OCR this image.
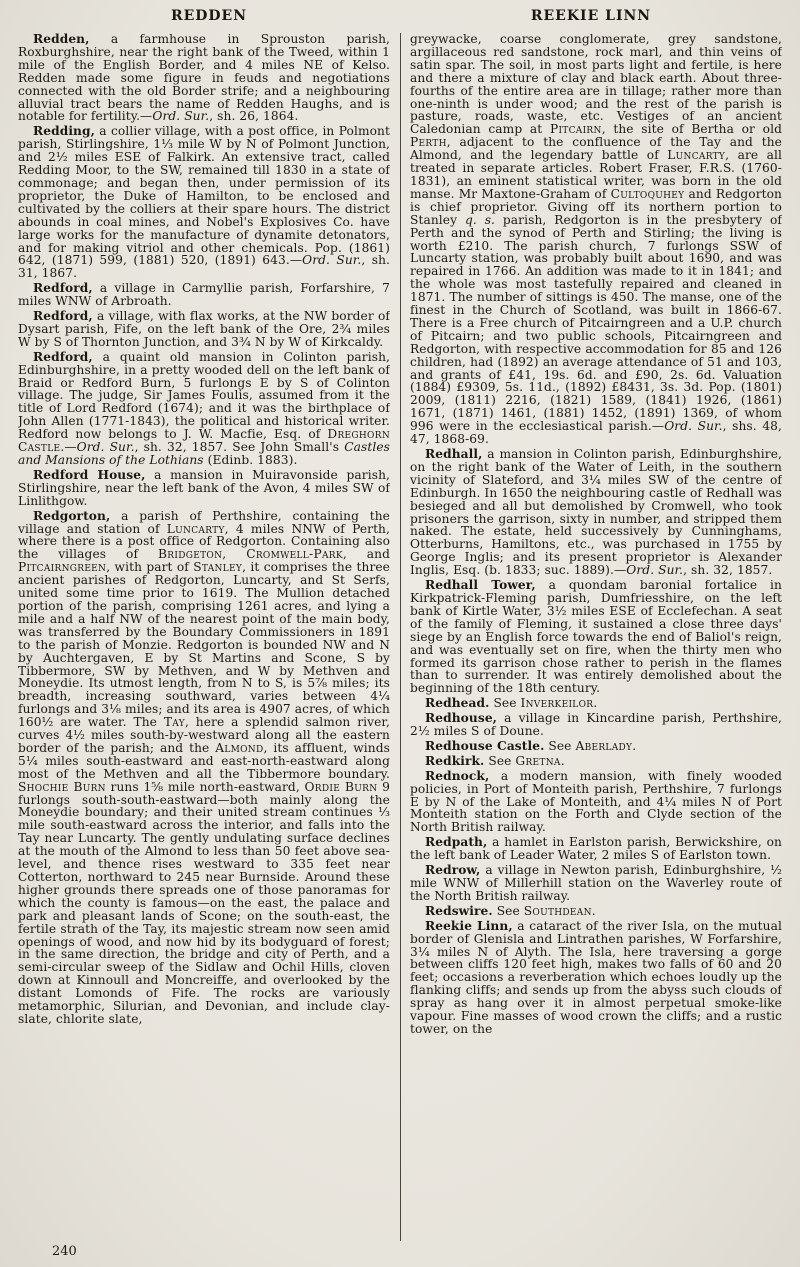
REDDEN	REEKIE LINN

Redden, a farmhouse in Sprouston parish, Roxburghshire, near the right bank of the Tweed, within 1 mile of the English Border, and 4 miles NE of Kelso. Redden made some figure in feuds and negotiations connected with the old Border strife; and a neighbouring alluvial tract bears the name of Redden Haughs, and is notable for fertility.—Ord. Sur., sh. 26, 1864.

Redding, a collier village, with a post office, in Polmont parish, Stirlingshire, 1⅓ mile W by N of Polmont Junction, and 2½ miles ESE of Falkirk. An extensive tract, called Redding Moor, to the SW, remained till 1830 in a state of commonage; and began then, under permission of its proprietor, the Duke of Hamilton, to be enclosed and cultivated by the colliers at their spare hours. The district abounds in coal mines, and Nobel's Explosives Co. have large works for the manufacture of dynamite detonators, and for making vitriol and other chemicals. Pop. (1861) 642, (1871) 599, (1881) 520, (1891) 643.—Ord. Sur., sh. 31, 1867.

Redford, a village in Carmyllie parish, Forfarshire, 7 miles WNW of Arbroath.

Redford, a village, with flax works, at the NW border of Dysart parish, Fife, on the left bank of the Ore, 2¾ miles W by S of Thornton Junction, and 3¾ N by W of Kirkcaldy.

Redford, a quaint old mansion in Colinton parish, Edinburghshire, in a pretty wooded dell on the left bank of Braid or Redford Burn, 5 furlongs E by S of Colinton village. The judge, Sir James Foulis, assumed from it the title of Lord Redford (1674); and it was the birthplace of John Allen (1771-1843), the political and historical writer. Redford now belongs to J. W. Macfie, Esq. of Dreghorn Castle.—Ord. Sur., sh. 32, 1857. See John Small's Castles and Mansions of the Lothians (Edinb. 1883).

Redford House, a mansion in Muiravonside parish, Stirlingshire, near the left bank of the Avon, 4 miles SW of Linlithgow.

Redgorton, a parish of Perthshire, containing the village and station of Luncarty, 4 miles NNW of Perth, where there is a post office of Redgorton. Containing also the villages of Bridgeton, Cromwell-Park, and Pitcairngreen, with part of Stanley, it comprises the three ancient parishes of Redgorton, Luncarty, and St Serfs, united some time prior to 1619. The Mullion detached portion of the parish, comprising 1261 acres, and lying a mile and a half NW of the nearest point of the main body, was transferred by the Boundary Commissioners in 1891 to the parish of Monzie. Redgorton is bounded NW and N by Auchtergaven, E by St Martins and Scone, S by Tibbermore, SW by Methven, and W by Methven and Moneydie. Its utmost length, from N to S, is 5⅞ miles; its breadth, increasing southward, varies between 4¼ furlongs and 3⅛ miles; and its area is 4907 acres, of which 160½ are water. The Tay, here a splendid salmon river, curves 4½ miles south-by-westward along all the eastern border of the parish; and the Almond, its affluent, winds 5¼ miles south-eastward and east-north-eastward along most of the Methven and all the Tibbermore boundary. Shochie Burn runs 1⅝ mile north-eastward, Ordie Burn 9 furlongs south-south-eastward—both mainly along the Moneydie boundary; and their united stream continues ⅓ mile south-eastward across the interior, and falls into the Tay near Luncarty. The gently undulating surface declines at the mouth of the Almond to less than 50 feet above sea-level, and thence rises westward to 335 feet near Cotterton, northward to 245 near Burnside. Around these higher grounds there spreads one of those panoramas for which the county is famous—on the east, the palace and park and pleasant lands of Scone; on the south-east, the fertile strath of the Tay, its majestic stream now seen amid openings of wood, and now hid by its bodyguard of forest; in the same direction, the bridge and city of Perth, and a semi-circular sweep of the Sidlaw and Ochil Hills, cloven down at Kinnoull and Moncreiffe, and overlooked by the distant Lomonds of Fife. The rocks are variously metamorphic, Silurian, and Devonian, and include clay-slate, chlorite slate,

greywacke, coarse conglomerate, grey sandstone, argillaceous red sandstone, rock marl, and thin veins of satin spar. The soil, in most parts light and fertile, is here and there a mixture of clay and black earth. About three-fourths of the entire area are in tillage; rather more than one-ninth is under wood; and the rest of the parish is pasture, roads, waste, etc. Vestiges of an ancient Caledonian camp at Pitcairn, the site of Bertha or old Perth, adjacent to the confluence of the Tay and the Almond, and the legendary battle of Luncarty, are all treated in separate articles. Robert Fraser, F.R.S. (1760-1831), an eminent statistical writer, was born in the old manse. Mr Maxtone-Graham of Cultoquhey and Redgorton is chief proprietor. Giving off its northern portion to Stanley q. s. parish, Redgorton is in the presbytery of Perth and the synod of Perth and Stirling; the living is worth £210. The parish church, 7 furlongs SSW of Luncarty station, was probably built about 1690, and was repaired in 1766. An addition was made to it in 1841; and the whole was most tastefully repaired and cleaned in 1871. The number of sittings is 450. The manse, one of the finest in the Church of Scotland, was built in 1866-67. There is a Free church of Pitcairngreen and a U.P. church of Pitcairn; and two public schools, Pitcairngreen and Redgorton, with respective accommodation for 85 and 126 children, had (1892) an average attendance of 51 and 103, and grants of £41, 19s. 6d. and £90, 2s. 6d. Valuation (1884) £9309, 5s. 11d., (1892) £8431, 3s. 3d. Pop. (1801) 2009, (1811) 2216, (1821) 1589, (1841) 1926, (1861) 1671, (1871) 1461, (1881) 1452, (1891) 1369, of whom 996 were in the ecclesiastical parish.—Ord. Sur., shs. 48, 47, 1868-69.

Redhall, a mansion in Colinton parish, Edinburghshire, on the right bank of the Water of Leith, in the southern vicinity of Slateford, and 3¼ miles SW of the centre of Edinburgh. In 1650 the neighbouring castle of Redhall was besieged and all but demolished by Cromwell, who took prisoners the garrison, sixty in number, and stripped them naked. The estate, held successively by Cunninghams, Otterburns, Hamiltons, etc., was purchased in 1755 by George Inglis; and its present proprietor is Alexander Inglis, Esq. (b. 1833; suc. 1889).—Ord. Sur., sh. 32, 1857.

Redhall Tower, a quondam baronial fortalice in Kirkpatrick-Fleming parish, Dumfriesshire, on the left bank of Kirtle Water, 3½ miles ESE of Ecclefechan. A seat of the family of Fleming, it sustained a close three days' siege by an English force towards the end of Baliol's reign, and was eventually set on fire, when the thirty men who formed its garrison chose rather to perish in the flames than to surrender. It was entirely demolished about the beginning of the 18th century.

Redhead. See Inverkeilor.

Redhouse, a village in Kincardine parish, Perthshire, 2½ miles S of Doune.

Redhouse Castle. See Aberlady.

Redkirk. See Gretna.

Rednock, a modern mansion, with finely wooded policies, in Port of Monteith parish, Perthshire, 7 furlongs E by N of the Lake of Monteith, and 4¼ miles N of Port Monteith station on the Forth and Clyde section of the North British railway.

Redpath, a hamlet in Earlston parish, Berwickshire, on the left bank of Leader Water, 2 miles S of Earlston town.

Redrow, a village in Newton parish, Edinburghshire, ½ mile WNW of Millerhill station on the Waverley route of the North British railway.

Redswire. See Southdean.

Reekie Linn, a cataract of the river Isla, on the mutual border of Glenisla and Lintrathen parishes, W Forfarshire, 3¼ miles N of Alyth. The Isla, here traversing a gorge between cliffs 120 feet high, makes two falls of 60 and 20 feet; occasions a reverberation which echoes loudly up the flanking cliffs; and sends up from the abyss such clouds of spray as hang over it in almost perpetual smoke-like vapour. Fine masses of wood crown the cliffs; and a rustic tower, on the

240
